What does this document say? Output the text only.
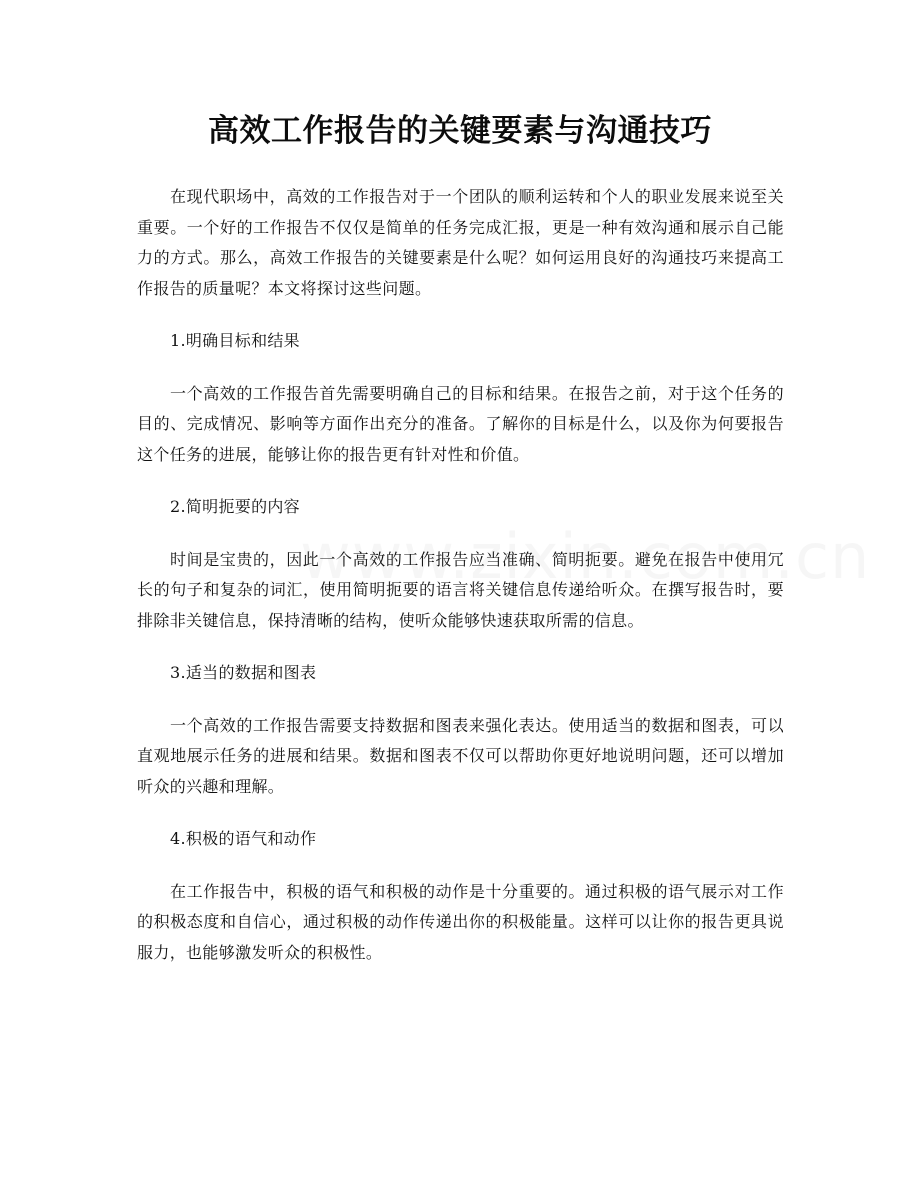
高效工作报告的关键要素与沟通技巧

在现代职场中，高效的工作报告对于一个团队的顺利运转和个人的职业发展来说至关重要。一个好的工作报告不仅仅是简单的任务完成汇报，更是一种有效沟通和展示自己能力的方式。那么，高效工作报告的关键要素是什么呢？如何运用良好的沟通技巧来提高工作报告的质量呢？本文将探讨这些问题。

1.明确目标和结果

一个高效的工作报告首先需要明确自己的目标和结果。在报告之前，对于这个任务的目的、完成情况、影响等方面作出充分的准备。了解你的目标是什么，以及你为何要报告这个任务的进展，能够让你的报告更有针对性和价值。

2.简明扼要的内容

时间是宝贵的，因此一个高效的工作报告应当准确、简明扼要。避免在报告中使用冗长的句子和复杂的词汇，使用简明扼要的语言将关键信息传递给听众。在撰写报告时，要排除非关键信息，保持清晰的结构，使听众能够快速获取所需的信息。

3.适当的数据和图表

一个高效的工作报告需要支持数据和图表来强化表达。使用适当的数据和图表，可以直观地展示任务的进展和结果。数据和图表不仅可以帮助你更好地说明问题，还可以增加听众的兴趣和理解。

4.积极的语气和动作

在工作报告中，积极的语气和积极的动作是十分重要的。通过积极的语气展示对工作的积极态度和自信心，通过积极的动作传递出你的积极能量。这样可以让你的报告更具说服力，也能够激发听众的积极性。
